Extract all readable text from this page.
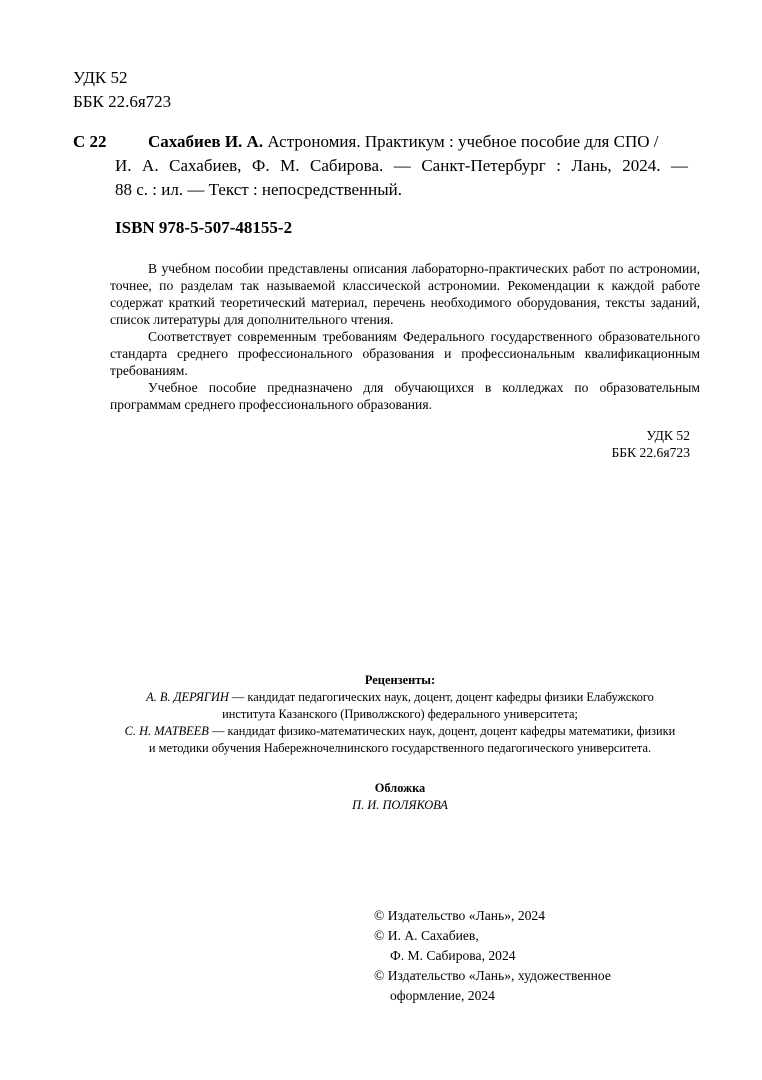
УДК 52
ББК 22.6я723
С 22 Сахабиев И. А. Астрономия. Практикум : учебное пособие для СПО /
И. А. Сахабиев, Ф. М. Сабирова. — Санкт-Петербург : Лань, 2024. —
88 с. : ил. — Текст : непосредственный.
ISBN 978-5-507-48155-2

В учебном пособии представлены описания лабораторно-практических работ по астрономии, точнее, по разделам так называемой классической астрономии. Рекомендации к каждой работе содержат краткий теоретический материал, перечень необходимого оборудования, тексты заданий, список литературы для дополнительного чтения.

Соответствует современным требованиям Федерального государственного образовательного стандарта среднего профессионального образования и профессиональным квалификационным требованиям.

Учебное пособие предназначено для обучающихся в колледжах по образовательным программам среднего профессионального образования.

УДК 52
ББК 22.6я723
Рецензенты:
А. В. ДЕРЯГИН — кандидат педагогических наук, доцент, доцент кафедры физики Елабужского
института Казанского (Приволжского) федерального университета;
С. Н. МАТВЕЕВ — кандидат физико-математических наук, доцент, доцент кафедры математики, физики
и методики обучения Набережночелнинского государственного педагогического университета.
Обложка
П. И. ПОЛЯКОВА
© Издательство «Лань», 2024
© И. А. Сахабиев,
Ф. М. Сабирова, 2024
© Издательство «Лань», художественное
оформление, 2024
